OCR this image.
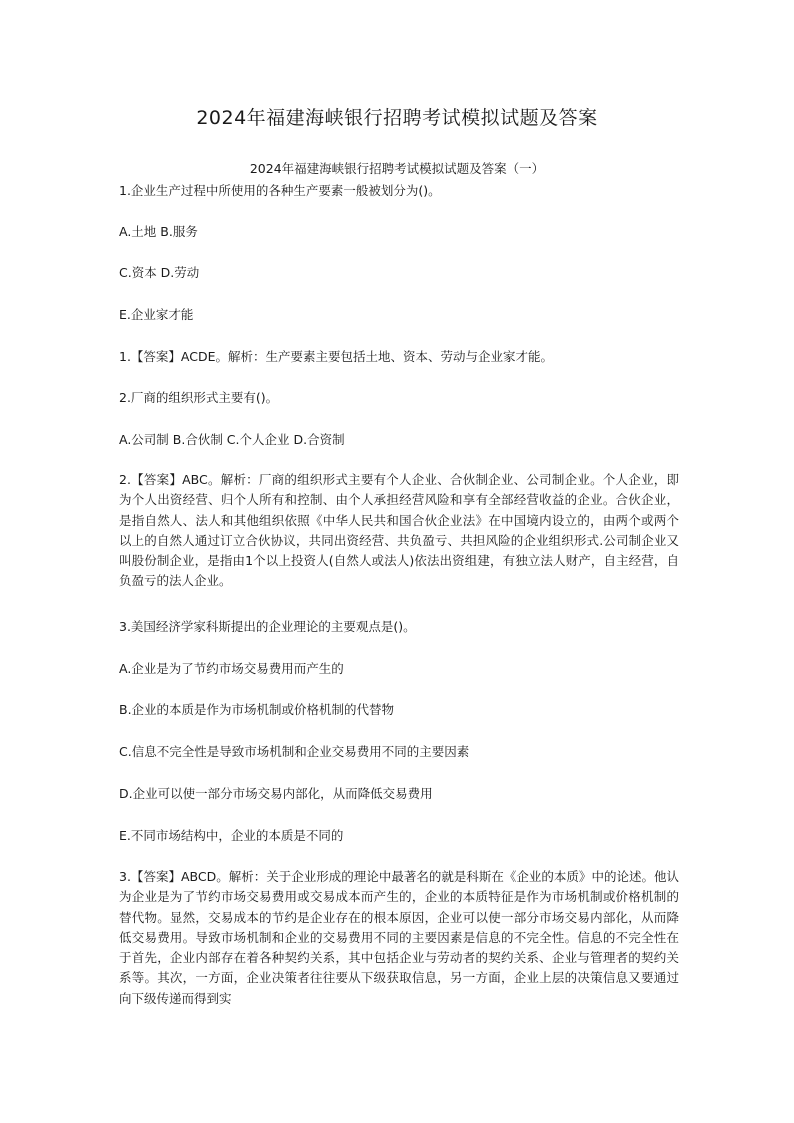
2024年福建海峡银行招聘考试模拟试题及答案
2024年福建海峡银行招聘考试模拟试题及答案（一）
1.企业生产过程中所使用的各种生产要素一般被划分为()。
A.土地 B.服务
C.资本 D.劳动
E.企业家才能
1.【答案】ACDE。解析：生产要素主要包括土地、资本、劳动与企业家才能。
2.厂商的组织形式主要有()。
A.公司制 B.合伙制 C.个人企业 D.合资制
2.【答案】ABC。解析：厂商的组织形式主要有个人企业、合伙制企业、公司制企业。个人企业，即为个人出资经营、归个人所有和控制、由个人承担经营风险和享有全部经营收益的企业。合伙企业，是指自然人、法人和其他组织依照《中华人民共和国合伙企业法》在中国境内设立的，由两个或两个以上的自然人通过订立合伙协议，共同出资经营、共负盈亏、共担风险的企业组织形式.公司制企业又叫股份制企业，是指由1个以上投资人(自然人或法人)依法出资组建，有独立法人财产，自主经营，自负盈亏的法人企业。
3.美国经济学家科斯提出的企业理论的主要观点是()。
A.企业是为了节约市场交易费用而产生的
B.企业的本质是作为市场机制或价格机制的代替物
C.信息不完全性是导致市场机制和企业交易费用不同的主要因素
D.企业可以使一部分市场交易内部化，从而降低交易费用
E.不同市场结构中，企业的本质是不同的
3.【答案】ABCD。解析：关于企业形成的理论中最著名的就是科斯在《企业的本质》中的论述。他认为企业是为了节约市场交易费用或交易成本而产生的，企业的本质特征是作为市场机制或价格机制的替代物。显然，交易成本的节约是企业存在的根本原因，企业可以使一部分市场交易内部化，从而降低交易费用。导致市场机制和企业的交易费用不同的主要因素是信息的不完全性。信息的不完全性在于首先，企业内部存在着各种契约关系，其中包括企业与劳动者的契约关系、企业与管理者的契约关系等。其次，一方面，企业决策者往往要从下级获取信息，另一方面，企业上层的决策信息又要通过向下级传递而得到实
